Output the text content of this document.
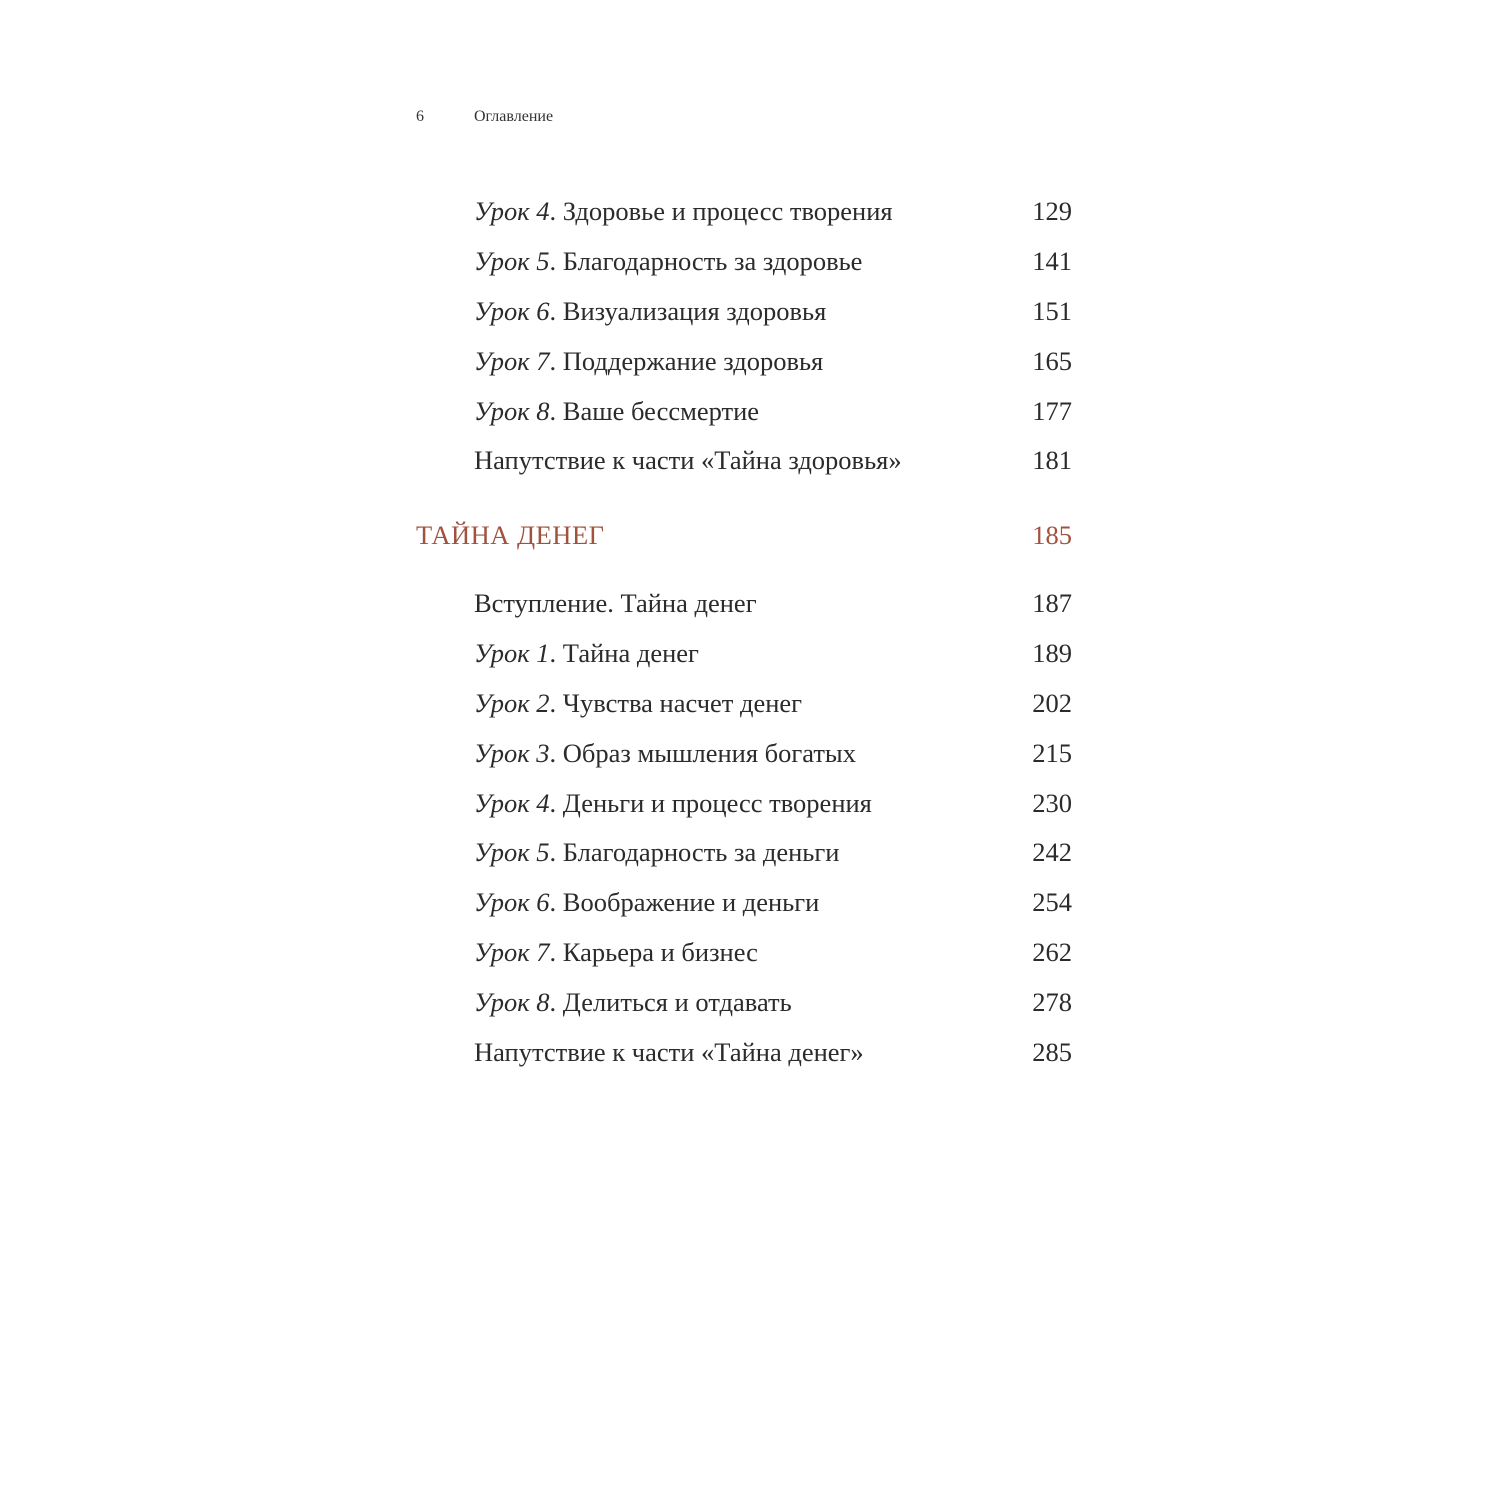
6	Оглавление
Урок 4. Здоровье и процесс творения	129
Урок 5. Благодарность за здоровье	141
Урок 6. Визуализация здоровья	151
Урок 7. Поддержание здоровья	165
Урок 8. Ваше бессмертие	177
Напутствие к части «Тайна здоровья»	181
ТАЙНА ДЕНЕГ	185
Вступление. Тайна денег	187
Урок 1. Тайна денег	189
Урок 2. Чувства насчет денег	202
Урок 3. Образ мышления богатых	215
Урок 4. Деньги и процесс творения	230
Урок 5. Благодарность за деньги	242
Урок 6. Воображение и деньги	254
Урок 7. Карьера и бизнес	262
Урок 8. Делиться и отдавать	278
Напутствие к части «Тайна денег»	285
